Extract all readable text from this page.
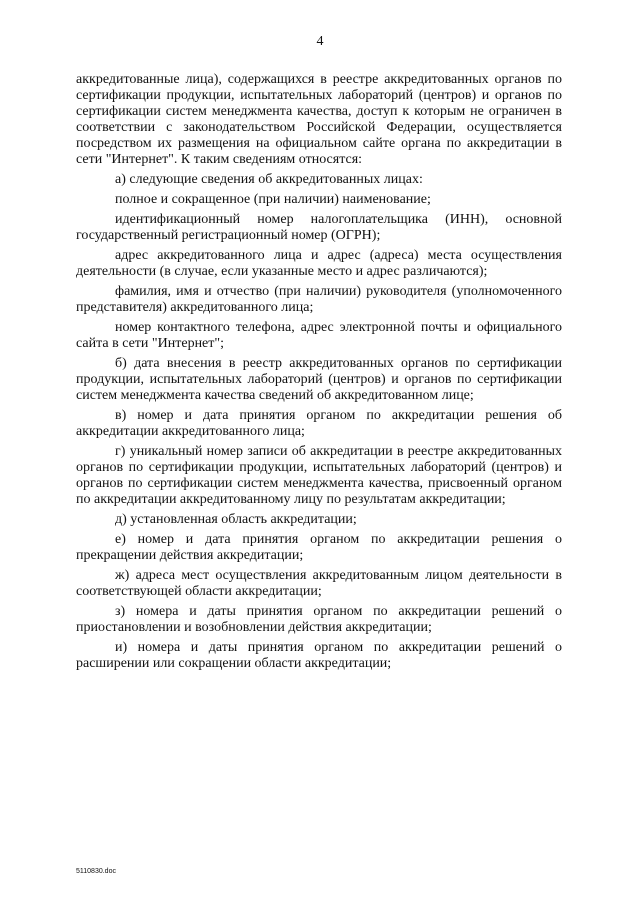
4

аккредитованные лица), содержащихся в реестре аккредитованных органов по сертификации продукции, испытательных лабораторий (центров) и органов по сертификации систем менеджмента качества, доступ к которым не ограничен в соответствии с законодательством Российской Федерации, осуществляется посредством их размещения на официальном сайте органа по аккредитации в сети "Интернет". К таким сведениям относятся:

а) следующие сведения об аккредитованных лицах:

полное и сокращенное (при наличии) наименование;

идентификационный номер налогоплательщика (ИНН), основной государственный регистрационный номер (ОГРН);

адрес аккредитованного лица и адрес (адреса) места осуществления деятельности (в случае, если указанные место и адрес различаются);

фамилия, имя и отчество (при наличии) руководителя (уполномоченного представителя) аккредитованного лица;

номер контактного телефона, адрес электронной почты и официального сайта в сети "Интернет";

б) дата внесения в реестр аккредитованных органов по сертификации продукции, испытательных лабораторий (центров) и органов по сертификации систем менеджмента качества сведений об аккредитованном лице;

в) номер и дата принятия органом по аккредитации решения об аккредитации аккредитованного лица;

г) уникальный номер записи об аккредитации в реестре аккредитованных органов по сертификации продукции, испытательных лабораторий (центров) и органов по сертификации систем менеджмента качества, присвоенный органом по аккредитации аккредитованному лицу по результатам аккредитации;

д) установленная область аккредитации;

е) номер и дата принятия органом по аккредитации решения о прекращении действия аккредитации;

ж) адреса мест осуществления аккредитованным лицом деятельности в соответствующей области аккредитации;

з) номера и даты принятия органом по аккредитации решений о приостановлении и возобновлении действия аккредитации;

и) номера и даты принятия органом по аккредитации решений о расширении или сокращении области аккредитации;

5110830.doc
